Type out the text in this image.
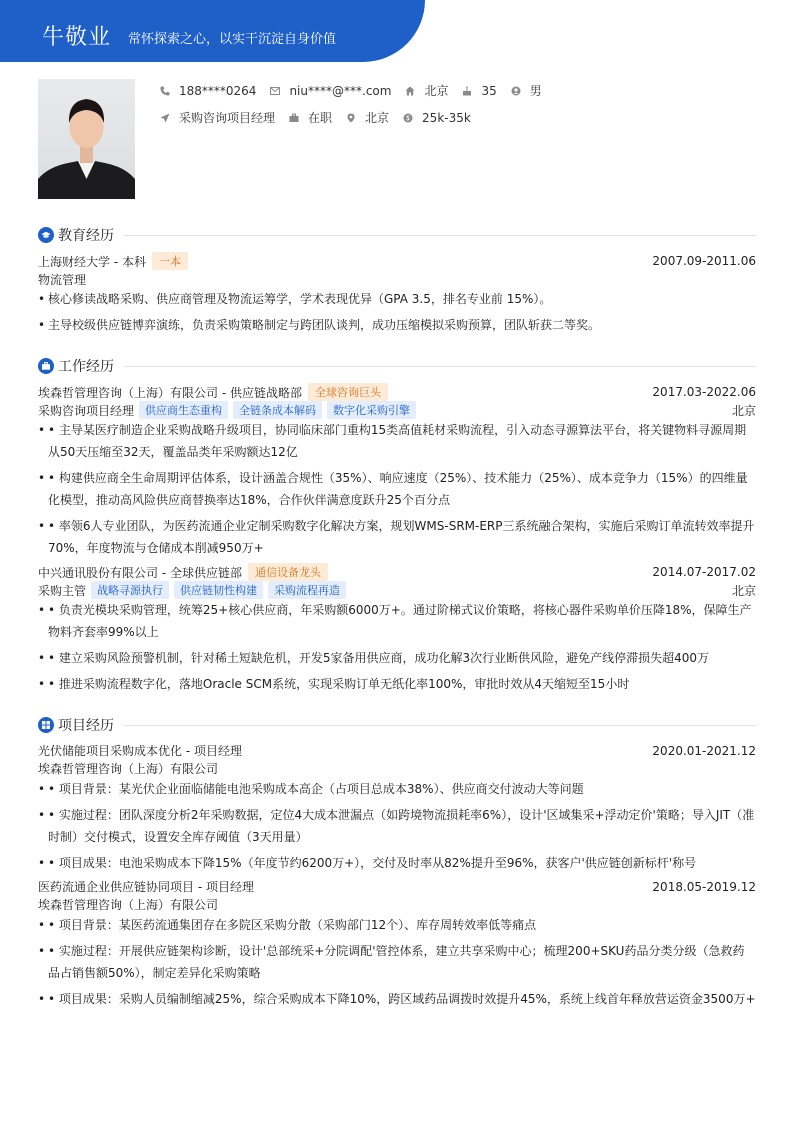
牛敬业 常怀探索之心，以实干沉淀自身价值
188****0264	niu****@***.com	北京	35	男
采购咨询项目经理	在职	北京	25k-35k
教育经历
上海财经大学 - 本科	一本	2007.09-2011.06
物流管理
• 核心修读战略采购、供应商管理及物流运筹学，学术表现优异（GPA 3.5，排名专业前 15%）。
• 主导校级供应链博弈演练，负责采购策略制定与跨团队谈判，成功压缩模拟采购预算，团队斩获二等奖。
工作经历
埃森哲管理咨询（上海）有限公司 - 供应链战略部	全球咨询巨头	2017.03-2022.06
采购咨询项目经理	供应商生态重构	全链条成本解码	数字化采购引擎	北京
• • 主导某医疗制造企业采购战略升级项目，协同临床部门重构15类高值耗材采购流程，引入动态寻源算法平台，将关键物料寻源周期从50天压缩至32天，覆盖品类年采购额达12亿
• • 构建供应商全生命周期评估体系，设计涵盖合规性（35%）、响应速度（25%）、技术能力（25%）、成本竞争力（15%）的四维量化模型，推动高风险供应商替换率达18%，合作伙伴满意度跃升25个百分点
• • 率领6人专业团队，为医药流通企业定制采购数字化解决方案，规划WMS-SRM-ERP三系统融合架构，实施后采购订单流转效率提升70%，年度物流与仓储成本削减950万+
中兴通讯股份有限公司 - 全球供应链部	通信设备龙头	2014.07-2017.02
采购主管	战略寻源执行	供应链韧性构建	采购流程再造	北京
• • 负责光模块采购管理，统筹25+核心供应商，年采购额6000万+。通过阶梯式议价策略，将核心器件采购单价压降18%，保障生产物料齐套率99%以上
• • 建立采购风险预警机制，针对稀土短缺危机，开发5家备用供应商，成功化解3次行业断供风险，避免产线停滞损失超400万
• • 推进采购流程数字化，落地Oracle SCM系统，实现采购订单无纸化率100%，审批时效从4天缩短至15小时
项目经历
光伏储能项目采购成本优化 - 项目经理	2020.01-2021.12
埃森哲管理咨询（上海）有限公司
• • 项目背景：某光伏企业面临储能电池采购成本高企（占项目总成本38%）、供应商交付波动大等问题
• • 实施过程：团队深度分析2年采购数据，定位4大成本泄漏点（如跨境物流损耗率6%），设计'区域集采+浮动定价'策略；导入JIT（准时制）交付模式，设置安全库存阈值（3天用量）
• • 项目成果：电池采购成本下降15%（年度节约6200万+），交付及时率从82%提升至96%，获客户'供应链创新标杆'称号
医药流通企业供应链协同项目 - 项目经理	2018.05-2019.12
埃森哲管理咨询（上海）有限公司
• • 项目背景：某医药流通集团存在多院区采购分散（采购部门12个）、库存周转效率低等痛点
• • 实施过程：开展供应链架构诊断，设计'总部统采+分院调配'管控体系，建立共享采购中心；梳理200+SKU药品分类分级（急救药品占销售额50%），制定差异化采购策略
• • 项目成果：采购人员编制缩减25%，综合采购成本下降10%，跨区域药品调拨时效提升45%，系统上线首年释放营运资金3500万+
